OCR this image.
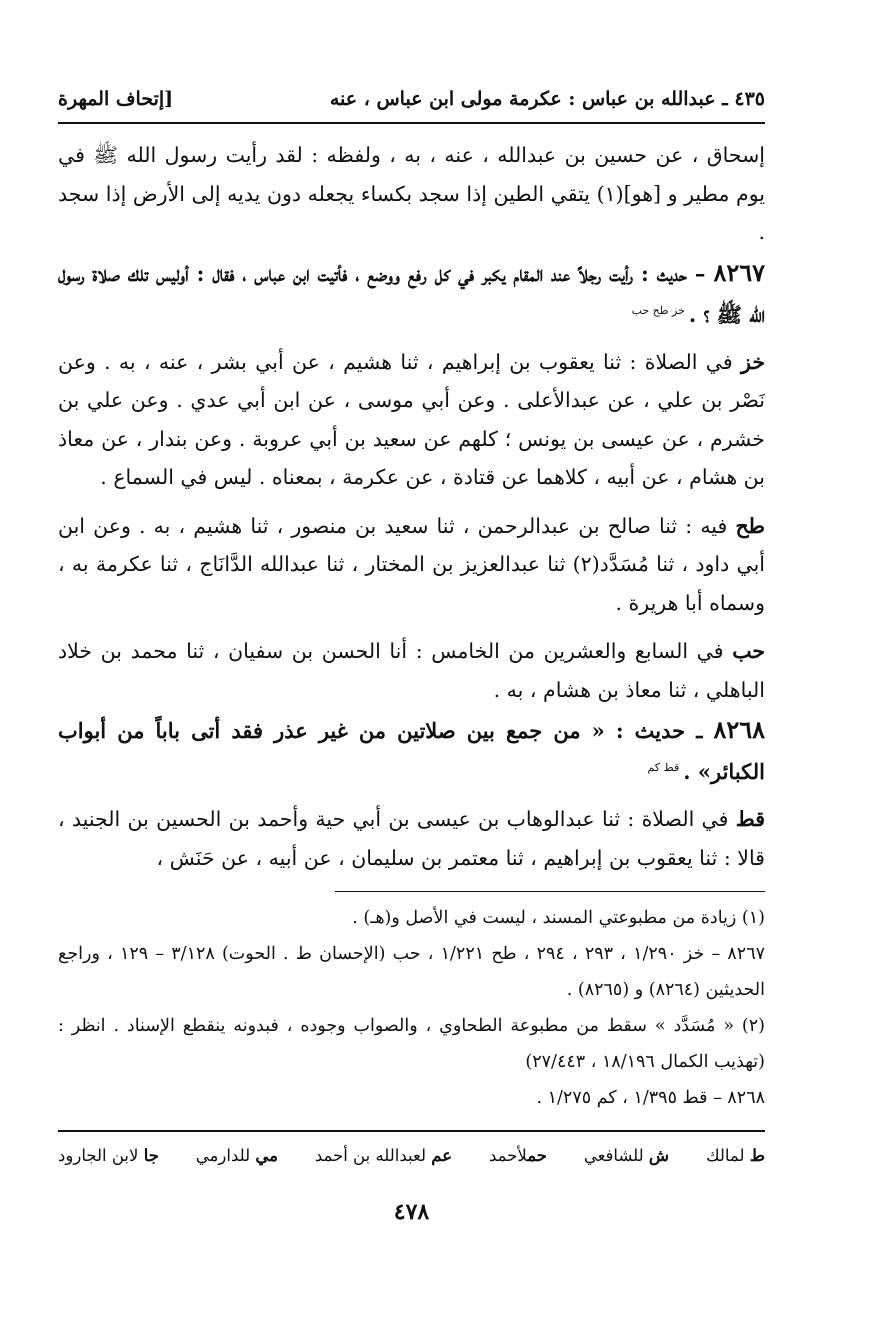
٤٣٥ ـ عبدالله بن عباس : عكرمة مولى ابن عباس ، عنه
[إتحاف المهرة

إسحاق ، عن حسين بن عبدالله ، عنه ، به ، ولفظه : لقد رأيت رسول الله ﷺ في يوم مطير و [هو](١) يتقي الطين إذا سجد بكساء يجعله دون يديه إلى الأرض إذا سجد .

٨٢٦٧ – حديث : رأيت رجلاً عند المقام يكبر في كل رفع ووضع ، فأتيت ابن عباس ، فقال : أوليس تلك صلاة رسول الله ﷺ ؟ .$^{خز طح حب}$

خز في الصلاة : ثنا يعقوب بن إبراهيم ، ثنا هشيم ، عن أبي بشر ، عنه ، به . وعن نَصْر بن علي ، عن عبدالأعلى . وعن أبي موسى ، عن ابن أبي عدي . وعن علي بن خشرم ، عن عيسى بن يونس ؛ كلهم عن سعيد بن أبي عروبة . وعن بندار ، عن معاذ بن هشام ، عن أبيه ، كلاهما عن قتادة ، عن عكرمة ، بمعناه . ليس في السماع .

طح فيه : ثنا صالح بن عبدالرحمن ، ثنا سعيد بن منصور ، ثنا هشيم ، به . وعن ابن أبي داود ، ثنا مُسَدَّد(٢) ثنا عبدالعزيز بن المختار ، ثنا عبدالله الدَّانَاج ، ثنا عكرمة به ، وسماه أبا هريرة .

حب في السابع والعشرين من الخامس : أنا الحسن بن سفيان ، ثنا محمد بن خلاد الباهلي ، ثنا معاذ بن هشام ، به .

٨٢٦٨ ـ حديث : « من جمع بين صلاتين من غير عذر فقد أتى باباً من أبواب الكبائر» .$^{قط كم}$

قط في الصلاة : ثنا عبدالوهاب بن عيسى بن أبي حية وأحمد بن الحسين بن الجنيد ، قالا : ثنا يعقوب بن إبراهيم ، ثنا معتمر بن سليمان ، عن أبيه ، عن حَنَش ،

(١) زيادة من مطبوعتي المسند ، ليست في الأصل و(هـ) .

٨٢٦٧ – خز ١/٢٩٠ ، ٢٩٣ ، ٢٩٤ ، طح ١/٢٢١ ، حب (الإحسان ط . الحوت) ٣/١٢٨ – ١٢٩ ، وراجع الحديثين (٨٢٦٤) و (٨٢٦٥) .

(٢) « مُسَدَّد » سقط من مطبوعة الطحاوي ، والصواب وجوده ، فبدونه ينقطع الإسناد . انظر : (تهذيب الكمال ١٨/١٩٦ ، ٢٧/٤٤٣)

٨٢٦٨ – قط ١/٣٩٥ ، كم ١/٢٧٥ .

ط لمالك
ش للشافعي
حملأحمد
عم لعبدالله بن أحمد
مي للدارمي
جا لابن الجارود
٤٧٨
